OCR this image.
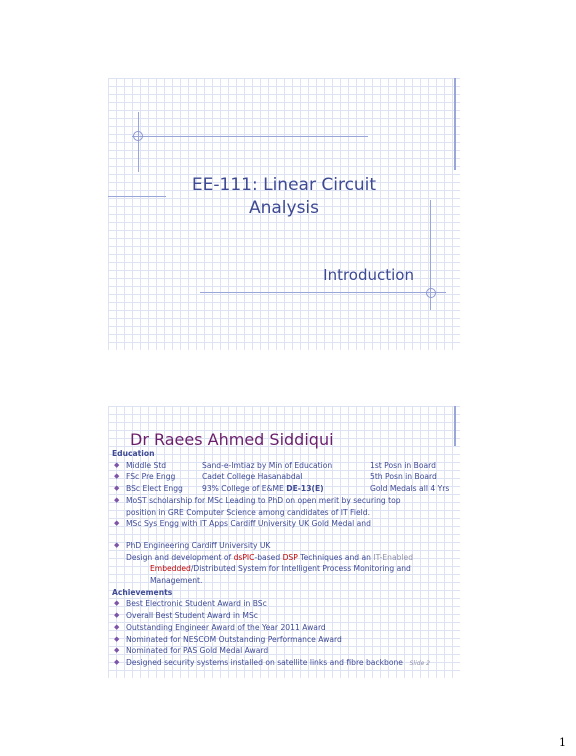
EE-111: Linear Circuit
Analysis
Introduction
Dr Raees Ahmed Siddiqui
Education
◆ Middle Std	Sand-e-Imtiaz by Min of Education	1st Posn in Board
◆ FSc Pre Engg	Cadet College Hasanabdal	5th Posn in Board
◆ BSc Elect Engg	93% College of E&ME DE-13(E)	Gold Medals all 4 Yrs
◆ MoST scholarship for MSc Leading to PhD on open merit by securing top
position in GRE Computer Science among candidates of IT Field.
◆ MSc Sys Engg with IT Apps Cardiff University UK Gold Medal and
◆ PhD Engineering Cardiff University UK
Design and development of dsPIC-based DSP Techniques and an IT-Enabled
Embedded/Distributed System for Intelligent Process Monitoring and
Management.
Achievements
◆ Best Electronic Student Award in BSc
◆ Overall Best Student Award in MSc
◆ Outstanding Engineer Award of the Year 2011 Award
◆ Nominated for NESCOM Outstanding Performance Award
◆ Nominated for PAS Gold Medal Award
◆ Designed security systems installed on satellite links and fibre backbone	Slide 2
1
